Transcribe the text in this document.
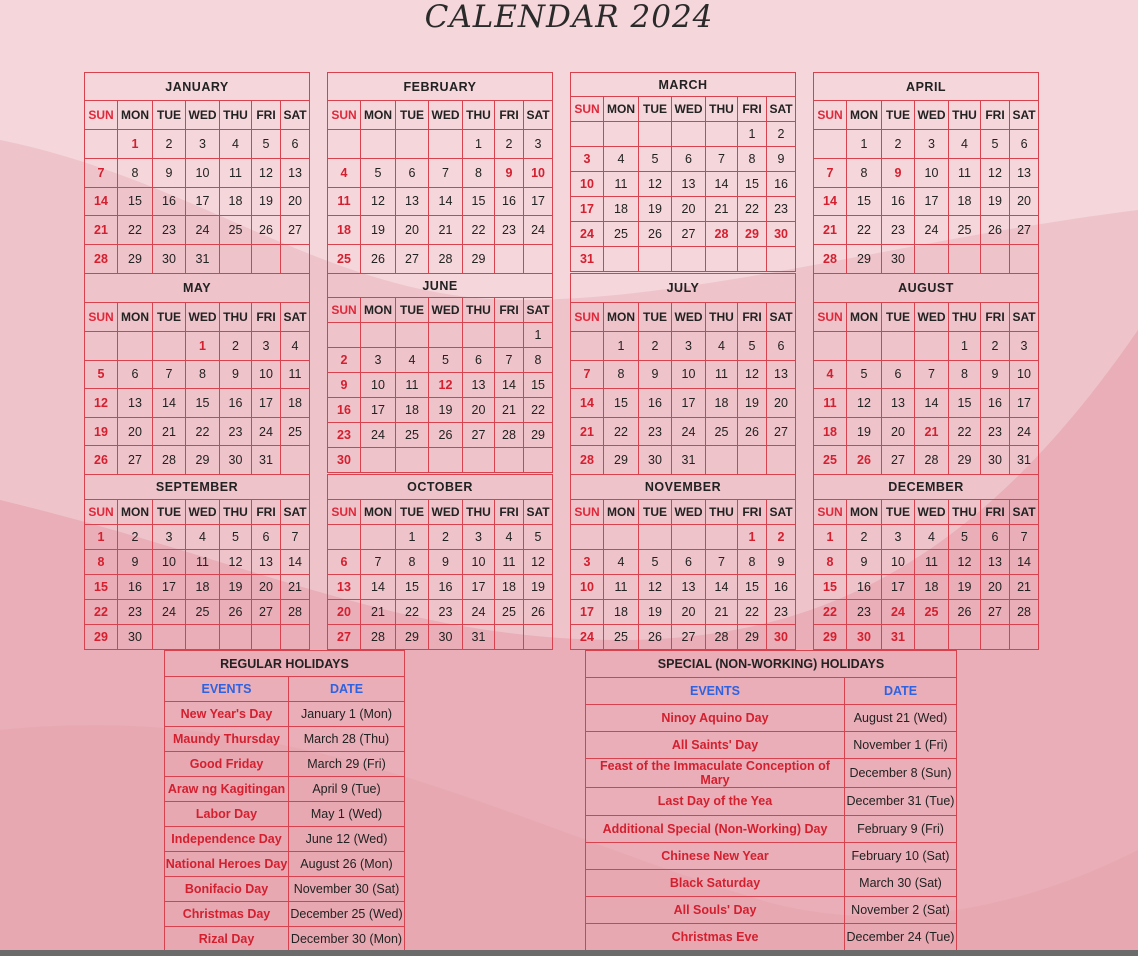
CALENDAR 2024
JANUARY						
SUN	MON	TUE	WED	THU	FRI	SAT
	1	2	3	4	5	6
7	8	9	10	11	12	13
14	15	16	17	18	19	20
21	22	23	24	25	26	27
28	29	30	31			
FEBRUARY						
SUN	MON	TUE	WED	THU	FRI	SAT
				1	2	3
4	5	6	7	8	9	10
11	12	13	14	15	16	17
18	19	20	21	22	23	24
25	26	27	28	29		
MARCH						
SUN	MON	TUE	WED	THU	FRI	SAT
					1	2
3	4	5	6	7	8	9
10	11	12	13	14	15	16
17	18	19	20	21	22	23
24	25	26	27	28	29	30
31						
APRIL						
SUN	MON	TUE	WED	THU	FRI	SAT
	1	2	3	4	5	6
7	8	9	10	11	12	13
14	15	16	17	18	19	20
21	22	23	24	25	26	27
28	29	30				
MAY						
SUN	MON	TUE	WED	THU	FRI	SAT
			1	2	3	4
5	6	7	8	9	10	11
12	13	14	15	16	17	18
19	20	21	22	23	24	25
26	27	28	29	30	31	
JUNE						
SUN	MON	TUE	WED	THU	FRI	SAT
						1
2	3	4	5	6	7	8
9	10	11	12	13	14	15
16	17	18	19	20	21	22
23	24	25	26	27	28	29
30						
JULY						
SUN	MON	TUE	WED	THU	FRI	SAT
	1	2	3	4	5	6
7	8	9	10	11	12	13
14	15	16	17	18	19	20
21	22	23	24	25	26	27
28	29	30	31			
AUGUST						
SUN	MON	TUE	WED	THU	FRI	SAT
				1	2	3
4	5	6	7	8	9	10
11	12	13	14	15	16	17
18	19	20	21	22	23	24
25	26	27	28	29	30	31
SEPTEMBER						
SUN	MON	TUE	WED	THU	FRI	SAT
1	2	3	4	5	6	7
8	9	10	11	12	13	14
15	16	17	18	19	20	21
22	23	24	25	26	27	28
29	30					
OCTOBER						
SUN	MON	TUE	WED	THU	FRI	SAT
		1	2	3	4	5
6	7	8	9	10	11	12
13	14	15	16	17	18	19
20	21	22	23	24	25	26
27	28	29	30	31		
NOVEMBER						
SUN	MON	TUE	WED	THU	FRI	SAT
					1	2
3	4	5	6	7	8	9
10	11	12	13	14	15	16
17	18	19	20	21	22	23
24	25	26	27	28	29	30
DECEMBER						
SUN	MON	TUE	WED	THU	FRI	SAT
1	2	3	4	5	6	7
8	9	10	11	12	13	14
15	16	17	18	19	20	21
22	23	24	25	26	27	28
29	30	31				
REGULAR HOLIDAYS	
EVENTS	DATE
New Year's Day	January 1 (Mon)
Maundy Thursday	March 28 (Thu)
Good Friday	March 29 (Fri)
Araw ng Kagitingan	April 9 (Tue)
Labor Day	May 1 (Wed)
Independence Day	June 12 (Wed)
National Heroes Day	August 26 (Mon)
Bonifacio Day	November 30 (Sat)
Christmas Day	December 25 (Wed)
Rizal Day	December 30 (Mon)
SPECIAL (NON-WORKING) HOLIDAYS	
EVENTS	DATE
Ninoy Aquino Day	August 21 (Wed)
All Saints' Day	November 1 (Fri)
Feast of the Immaculate Conception of Mary	December 8 (Sun)
Last Day of the Yea	December 31 (Tue)
Additional Special (Non-Working) Day	February 9 (Fri)
Chinese New Year	February 10 (Sat)
Black Saturday	March 30 (Sat)
All Souls' Day	November 2 (Sat)
Christmas Eve	December 24 (Tue)
